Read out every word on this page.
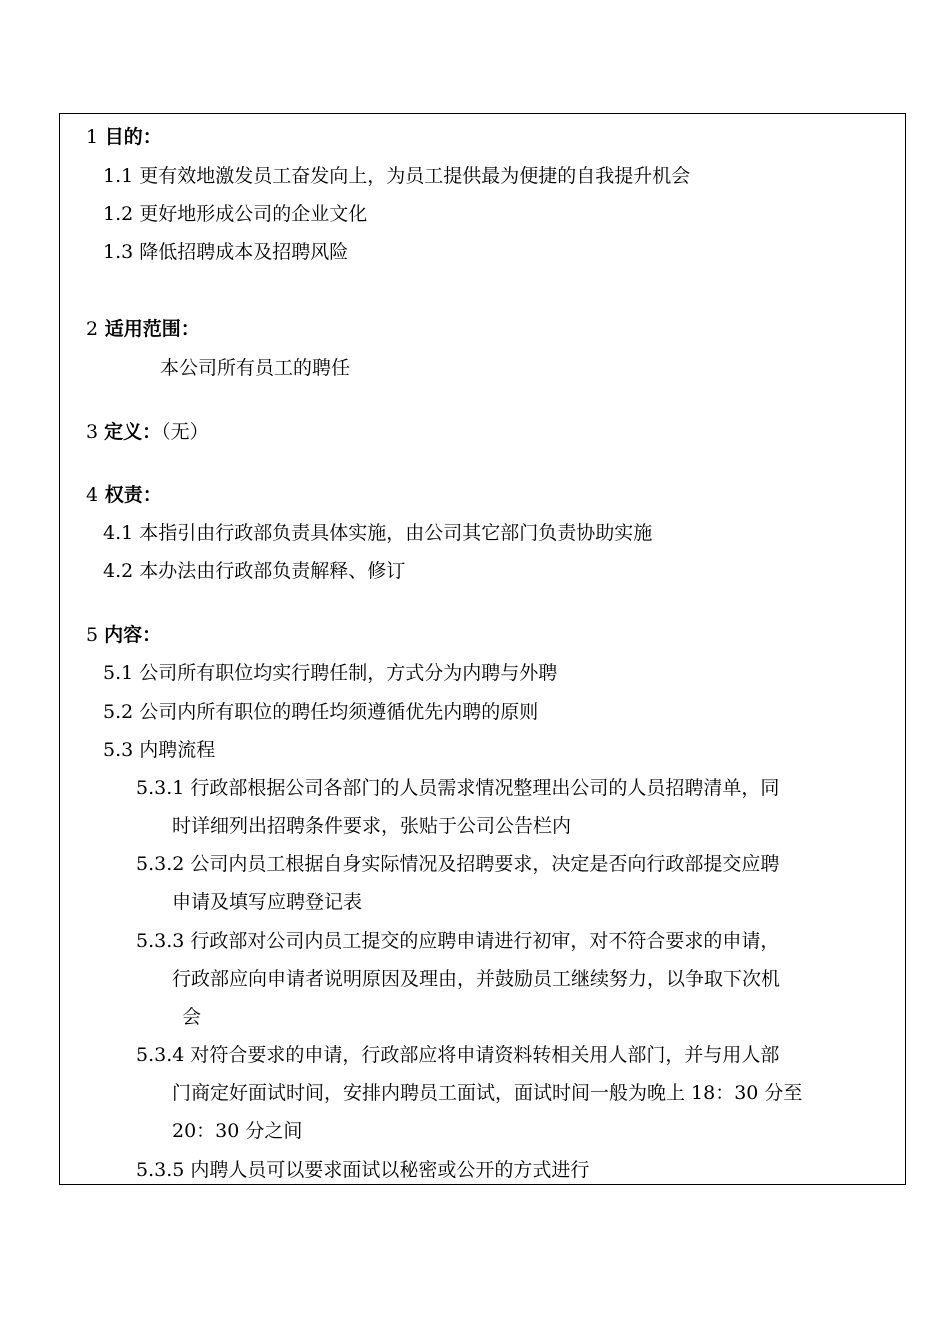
1 目的：
1.1 更有效地激发员工奋发向上，为员工提供最为便捷的自我提升机会
1.2 更好地形成公司的企业文化
1.3 降低招聘成本及招聘风险
2 适用范围：
本公司所有员工的聘任
3 定义：（无）
4 权责：
4.1 本指引由行政部负责具体实施，由公司其它部门负责协助实施
4.2 本办法由行政部负责解释、修订
5 内容：
5.1 公司所有职位均实行聘任制，方式分为内聘与外聘
5.2 公司内所有职位的聘任均须遵循优先内聘的原则
5.3 内聘流程
5.3.1 行政部根据公司各部门的人员需求情况整理出公司的人员招聘清单，同
时详细列出招聘条件要求，张贴于公司公告栏内
5.3.2 公司内员工根据自身实际情况及招聘要求，决定是否向行政部提交应聘
申请及填写应聘登记表
5.3.3 行政部对公司内员工提交的应聘申请进行初审，对不符合要求的申请，
行政部应向申请者说明原因及理由，并鼓励员工继续努力，以争取下次机
会
5.3.4 对符合要求的申请，行政部应将申请资料转相关用人部门，并与用人部
门商定好面试时间，安排内聘员工面试，面试时间一般为晚上 18：30 分至
20：30 分之间
5.3.5 内聘人员可以要求面试以秘密或公开的方式进行
